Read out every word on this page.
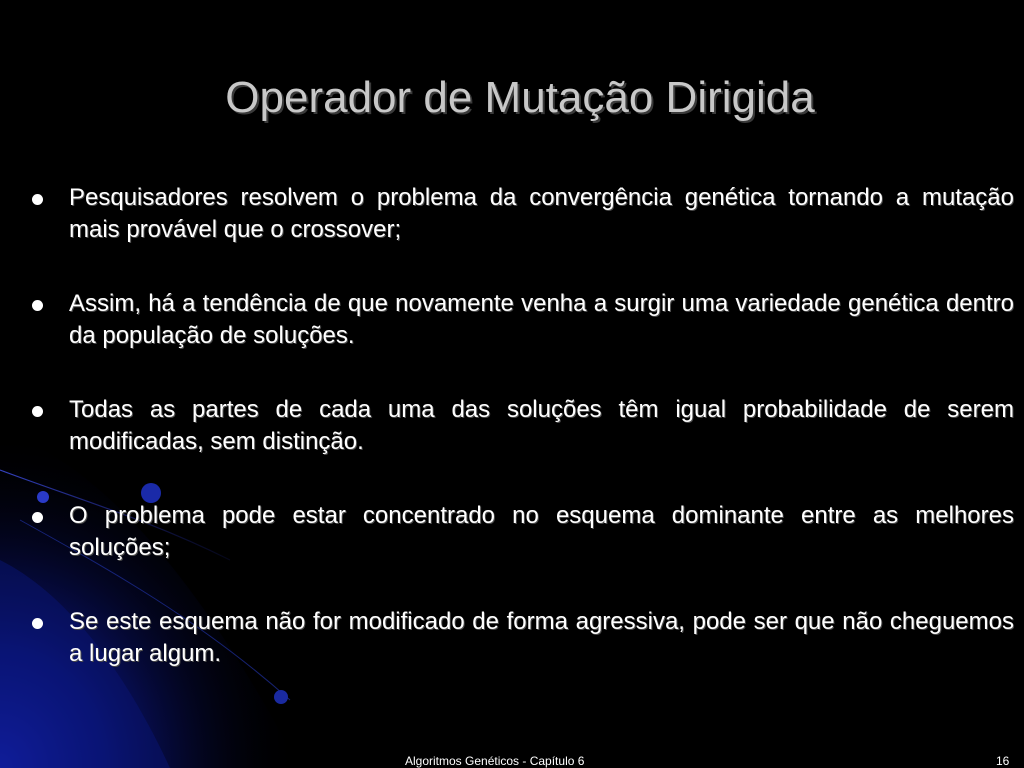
Operador de Mutação Dirigida
Pesquisadores resolvem o problema da convergência genética tornando a mutação mais provável que o crossover;
Assim, há a tendência de que novamente venha a surgir uma variedade genética dentro da população de soluções.
Todas as partes de cada uma das soluções têm igual probabilidade de serem modificadas, sem distinção.
O problema pode estar concentrado no esquema dominante entre as melhores soluções;
Se este esquema não for modificado de forma agressiva, pode ser que não cheguemos a lugar algum.
Algoritmos Genéticos - Capítulo 6	16
